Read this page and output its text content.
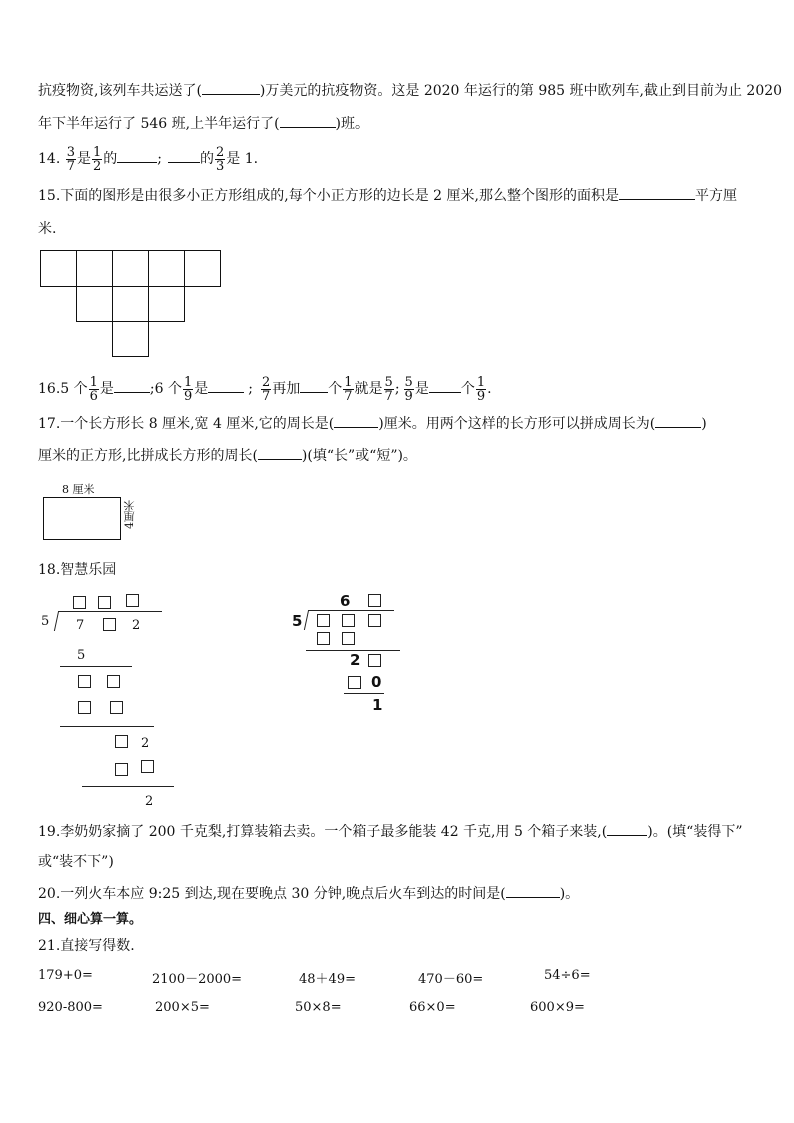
抗疫物资,该列车共运送了(	)万美元的抗疫物资。这是 2020 年运行的第 985 班中欧列车,截止到目前为止 2020
年下半年运行了 546 班,上半年运行了(	)班。
14. $\frac{3}{7}$ 是 $\frac{1}{2}$ 的	;	的 $\frac{2}{3}$ 是 1.
15.下面的图形是由很多小正方形组成的,每个小正方形的边长是 2 厘米,那么整个图形的面积是	平方厘
米.
16.5 个 $\frac{1}{6}$ 是	;6 个 $\frac{1}{9}$ 是	; $\frac{2}{7}$ 再加 个 $\frac{1}{7}$ 就是 $\frac{5}{7}$ ; $\frac{5}{9}$ 是 个 $\frac{1}{9}$ .
17.一个长方形长 8 厘米,宽 4 厘米,它的周长是(	)厘米。用两个这样的长方形可以拼成周长为(	)
厘米的正方形,比拼成长方形的周长(	)(填“长”或“短”)。
8 厘米
4厘米
18.智慧乐园
5 7	2
5
2
2
6
5
2
0
1
19.李奶奶家摘了 200 千克梨,打算装箱去卖。一个箱子最多能装 42 千克,用 5 个箱子来装,(	)。(填“装得下”
或“装不下”)
20.一列火车本应 9:25 到达,现在要晚点 30 分钟,晚点后火车到达的时间是(	)。
四、细心算一算。
21.直接写得数.
179+0=	2100－2000=	48＋49=	470－60=	54÷6=
920-800=	200×5=	50×8=	66×0=	600×9=
